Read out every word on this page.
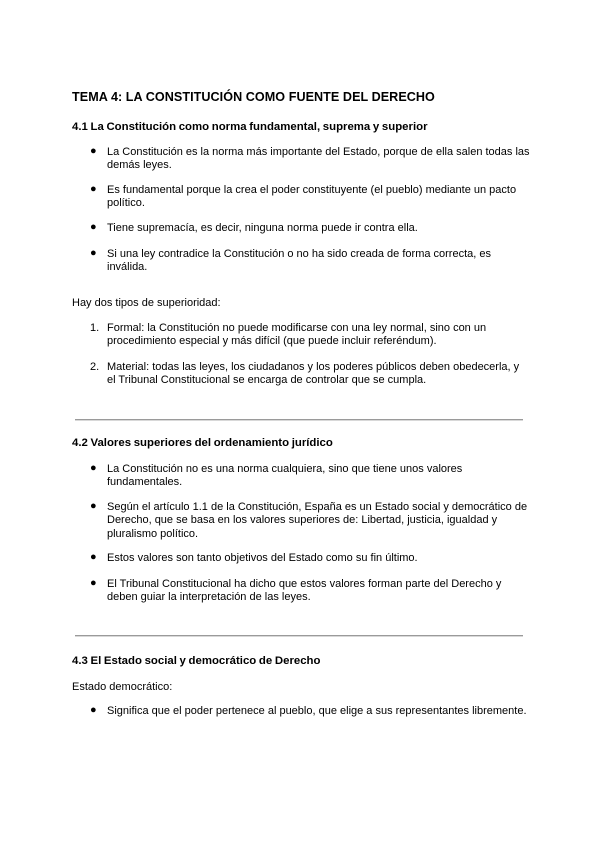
TEMA 4: LA CONSTITUCIÓN COMO FUENTE DEL DERECHO
4.1 La Constitución como norma fundamental, suprema y superior
● La Constitución es la norma más importante del Estado, porque de ella salen todas las demás leyes.
● Es fundamental porque la crea el poder constituyente (el pueblo) mediante un pacto político.
● Tiene supremacía, es decir, ninguna norma puede ir contra ella.
● Si una ley contradice la Constitución o no ha sido creada de forma correcta, es inválida.
Hay dos tipos de superioridad:
1. Formal: la Constitución no puede modificarse con una ley normal, sino con un procedimiento especial y más difícil (que puede incluir referéndum).
2. Material: todas las leyes, los ciudadanos y los poderes públicos deben obedecerla, y el Tribunal Constitucional se encarga de controlar que se cumpla.
4.2 Valores superiores del ordenamiento jurídico
● La Constitución no es una norma cualquiera, sino que tiene unos valores fundamentales.
● Según el artículo 1.1 de la Constitución, España es un Estado social y democrático de Derecho, que se basa en los valores superiores de: Libertad, justicia, igualdad y pluralismo político.
● Estos valores son tanto objetivos del Estado como su fin último.
● El Tribunal Constitucional ha dicho que estos valores forman parte del Derecho y deben guiar la interpretación de las leyes.
4.3 El Estado social y democrático de Derecho
Estado democrático:
● Significa que el poder pertenece al pueblo, que elige a sus representantes libremente.
